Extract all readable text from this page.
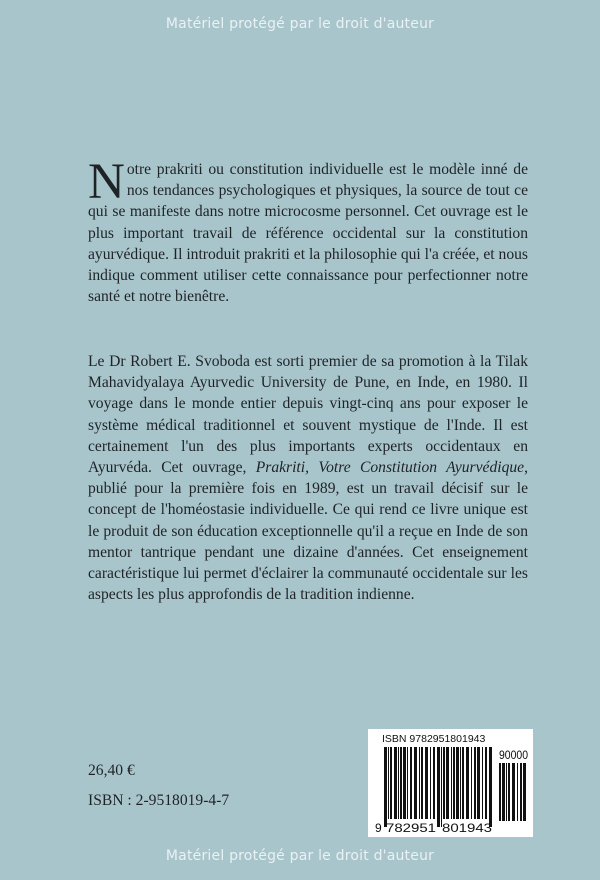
Matériel protégé par le droit d'auteur
Notre prakriti ou constitution individuelle est le modèle inné de nos tendances psychologiques et physiques, la source de tout ce qui se manifeste dans notre microcosme personnel. Cet ouvrage est le plus important travail de référence occidental sur la constitution ayurvédique. Il introduit prakriti et la philosophie qui l'a créée, et nous indique comment utiliser cette connaissance pour perfectionner notre santé et notre bienêtre.
Le Dr Robert E. Svoboda est sorti premier de sa promotion à la Tilak Mahavidyalaya Ayurvedic University de Pune, en Inde, en 1980. Il voyage dans le monde entier depuis vingt-cinq ans pour exposer le système médical traditionnel et souvent mystique de l'Inde. Il est certainement l'un des plus importants experts occidentaux en Ayurvéda. Cet ouvrage, Prakriti, Votre Constitution Ayurvédique, publié pour la première fois en 1989, est un travail décisif sur le concept de l'homéostasie individuelle. Ce qui rend ce livre unique est le produit de son éducation exceptionnelle qu'il a reçue en Inde de son mentor tantrique pendant une dizaine d'années. Cet enseignement caractéristique lui permet d'éclairer la communauté occidentale sur les aspects les plus approfondis de la tradition indienne.
26,40 €
ISBN : 2-9518019-4-7
ISBN 9782951801943
9 782951 801943
90000
Matériel protégé par le droit d'auteur
